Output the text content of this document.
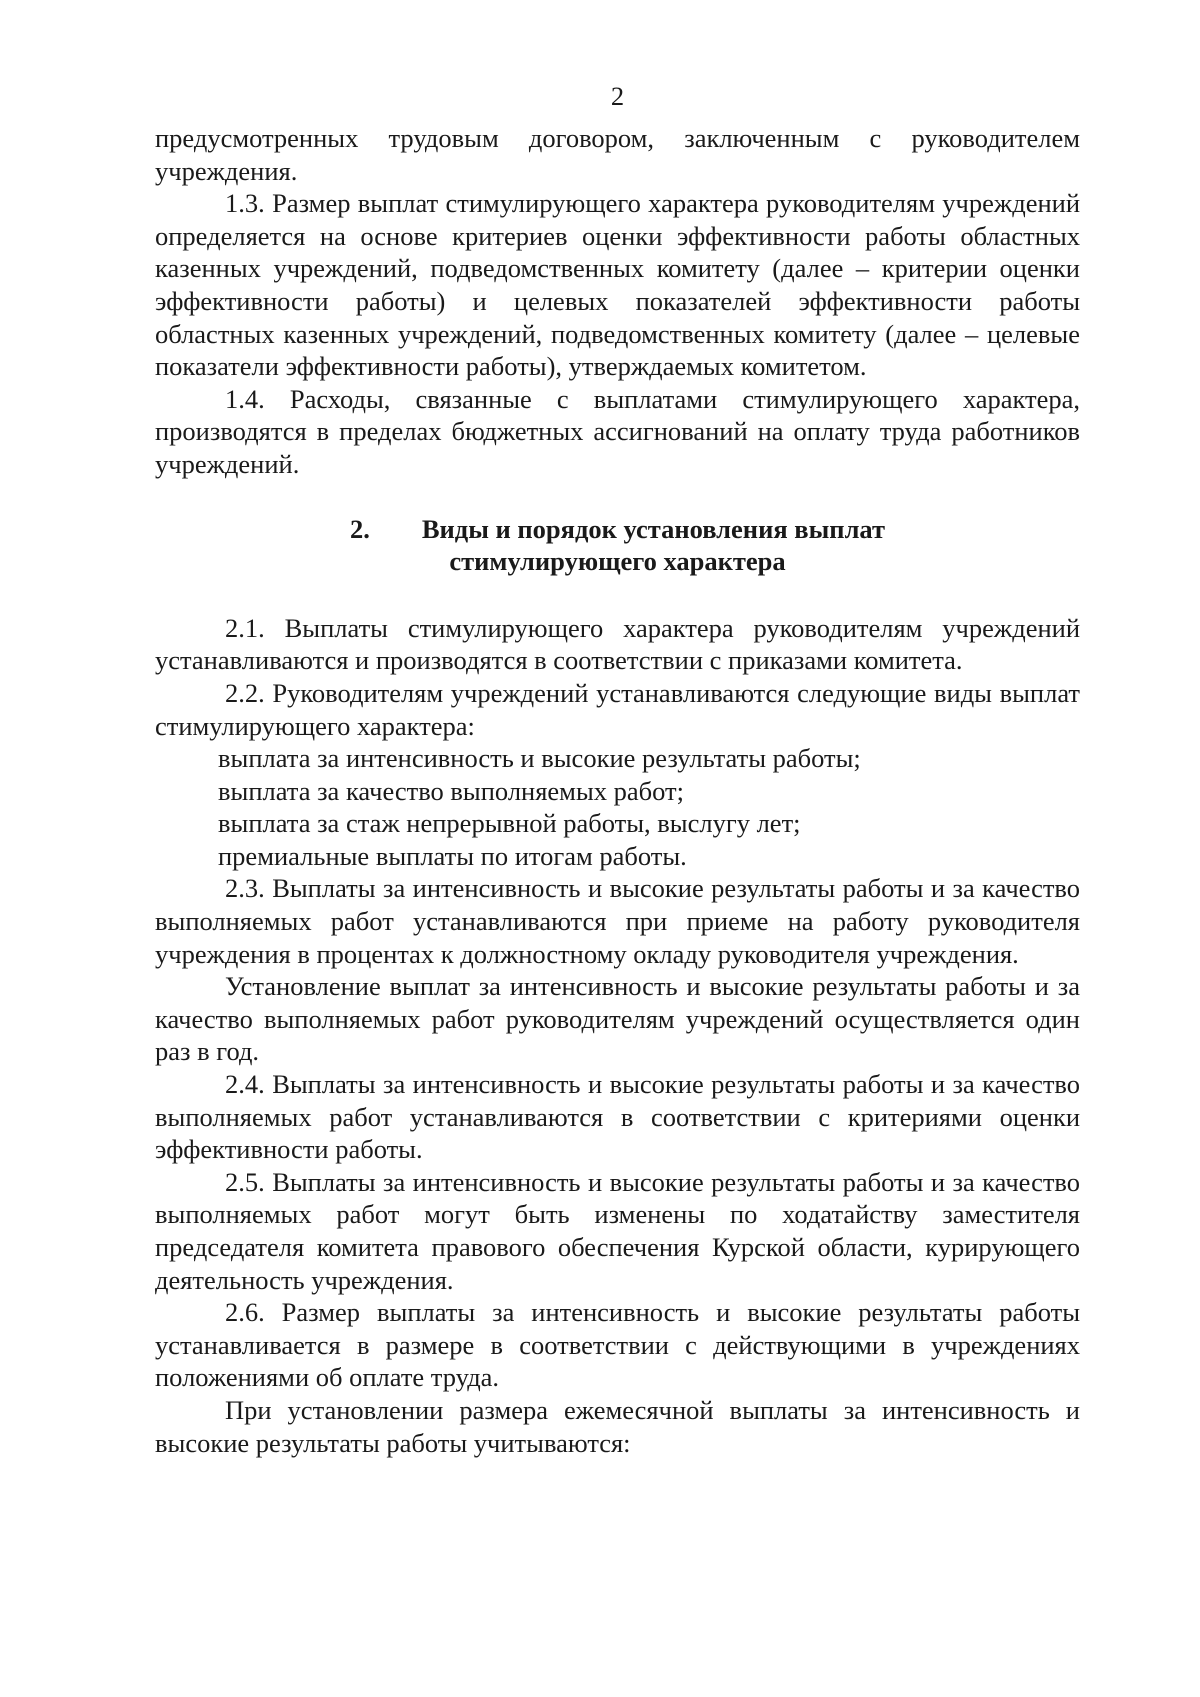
2

предусмотренных трудовым договором, заключенным с руководителем учреждения.

1.3. Размер выплат стимулирующего характера руководителям учреждений определяется на основе критериев оценки эффективности работы областных казенных учреждений, подведомственных комитету (далее – критерии оценки эффективности работы) и целевых показателей эффективности работы областных казенных учреждений, подведомственных комитету (далее – целевые показатели эффективности работы), утверждаемых комитетом.

1.4. Расходы, связанные с выплатами стимулирующего характера, производятся в пределах бюджетных ассигнований на оплату труда работников учреждений.

2. Виды и порядок установления выплат
стимулирующего характера

2.1. Выплаты стимулирующего характера руководителям учреждений устанавливаются и производятся в соответствии с приказами комитета.

2.2. Руководителям учреждений устанавливаются следующие виды выплат стимулирующего характера:

выплата за интенсивность и высокие результаты работы;

выплата за качество выполняемых работ;

выплата за стаж непрерывной работы, выслугу лет;

премиальные выплаты по итогам работы.

2.3. Выплаты за интенсивность и высокие результаты работы и за качество выполняемых работ устанавливаются при приеме на работу руководителя учреждения в процентах к должностному окладу руководителя учреждения.

Установление выплат за интенсивность и высокие результаты работы и за качество выполняемых работ руководителям учреждений осуществляется один раз в год.

2.4. Выплаты за интенсивность и высокие результаты работы и за качество выполняемых работ устанавливаются в соответствии с критериями оценки эффективности работы.

2.5. Выплаты за интенсивность и высокие результаты работы и за качество выполняемых работ могут быть изменены по ходатайству заместителя председателя комитета правового обеспечения Курской области, курирующего деятельность учреждения.

2.6. Размер выплаты за интенсивность и высокие результаты работы устанавливается в размере в соответствии с действующими в учреждениях положениями об оплате труда.

При установлении размера ежемесячной выплаты за интенсивность и высокие результаты работы учитываются:
